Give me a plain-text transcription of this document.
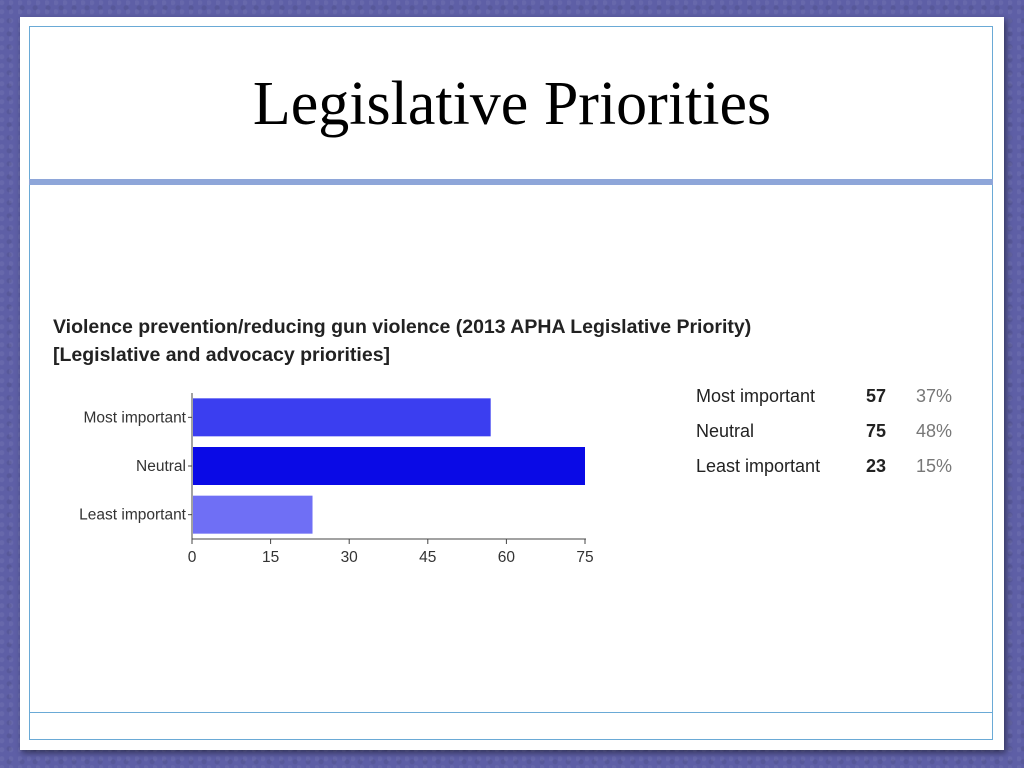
Legislative Priorities
Violence prevention/reducing gun violence (2013 APHA Legislative Priority)
[Legislative and advocacy priorities]
Most important
Neutral
Least important
0	15	30	45	60	75
Most important	57	37%
Neutral	75	48%
Least important	23	15%
